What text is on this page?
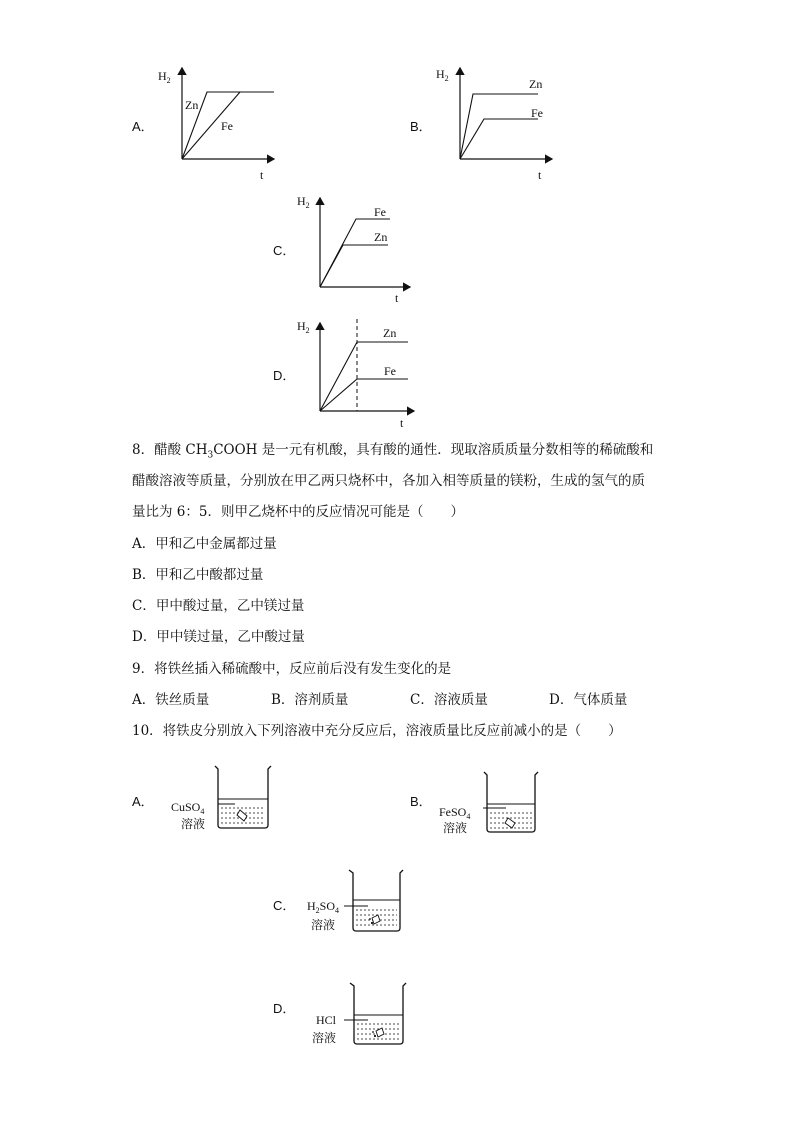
A．
$H_2$
t
Zn
Fe	B．
$H_2$
t
Zn
Fe
C．
$H_2$
t
Fe
Zn
D．
$H_2$
t
Zn
Fe
8．醋酸 $CH_3COOH$ 是一元有机酸，具有酸的通性．现取溶质质量分数相等的稀硫酸和
醋酸溶液等质量，分别放在甲乙两只烧杯中，各加入相等质量的镁粉，生成的氢气的质
量比为 6：5．则甲乙烧杯中的反应情况可能是（　　）
A．甲和乙中金属都过量
B．甲和乙中酸都过量
C．甲中酸过量，乙中镁过量
D．甲中镁过量，乙中酸过量
9．将铁丝插入稀硫酸中，反应前后没有发生变化的是
A．铁丝质量	B．溶剂质量	C．溶液质量	D．气体质量
10．将铁皮分别放入下列溶液中充分反应后，溶液质量比反应前减小的是（　　）
A． CuSO$_4$
溶液
B．
FeSO$_4$
溶液
C． $H_2SO_4$
溶液
D．
HCl
溶液
